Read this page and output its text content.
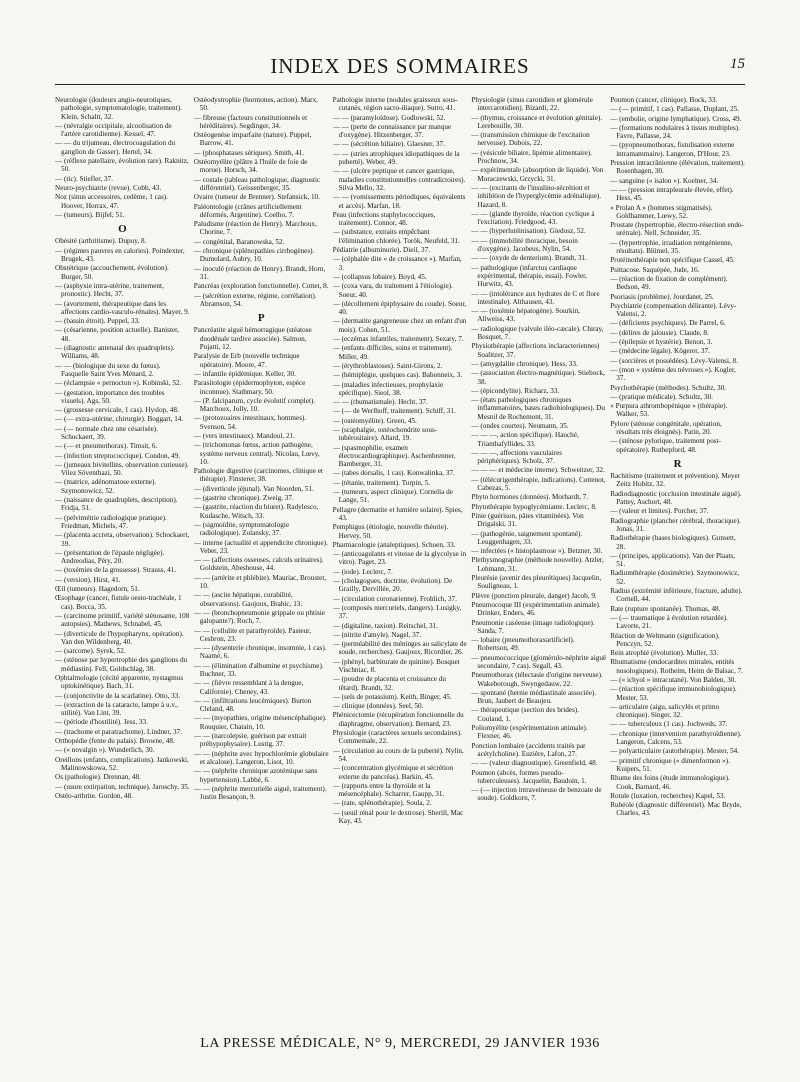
INDEX DES SOMMAIRES	15
Neurologie (douleurs angio-neurotiques, pathologie, symptomatologie, traitement). Klein, Schaltt, 32.
— (névralgie occipitale, alcoolisation de l'artère carotidienne). Kessel, 47.
— — du trijumeau, électrocoagulation du ganglion de Gasser). Hertel, 34.
— (réflexe patellaire, évolution rare). Raknitz, 50.
— (tic). Stiefler, 37.
Neuro-psychiatrie (revue). Cobb, 43.
Noz (sinus accessoires, cedème, 1 cas). Hoover, Horrax, 47.
— (tumeurs). Bijfel, 51.
O
Obésité (arthritisme). Dupuy, 8.
— (régimes pauvres en calories). Poindexter, Brugek, 43.
Obstétrique (accouchement, évolution). Burger, 50.
— (asphyxie intra-utérine, traitement, pronostic). Hecht, 37.
— (avortement, thérapeutique dans les affections cardio-vasculo-rénales). Mayer, 9.
— (bassin étroit). Puppel, 33.
— (césarienne, position actuelle). Banister, 48.
— (diagnostic antenatal des quadruplets). Williams, 48.
— — (biologique du sexe du fœtus). Fasquelle Saint Yves Ménard, 2.
— (éclampsie « pernocton »). Kobinski, 52.
— (gestation, importance des troubles visuels). Ags, 50.
— (grossesse cervicale, 1 cas). Hyslop, 48.
— (— extra-utérine, chirurgie). Boggart, 14.
— (— normale chez une césarisée). Schockaert, 39.
— (— et pneumothorax). Timsit, 6.
— (infection streptococcique). Condon, 49.
— (jumeaux bivitellins, observation curieuse). Vilez Söventhazi, 50.
— (matrice, adénomatose externe). Szymonowicz, 52.
— (naissance de quadruplets, description). Fridja, 51.
— (pelvimétrie radiologique pratique). Friedman, Michels, 47.
— (placenta accreta, observation). Schockaert, 39.
— (présentation de l'épaule négligée). Andreodias, Péry, 20.
— (toxémies de la grossesse). Strauss, 41.
— (version). Hirst, 41.
Œil (tumeurs). Hagedorn, 51.
Œsophage (cancer, fistule oesto-trachéale, 1 cas). Bocca, 35.
— (carcinome primitif, variété sténosante, 108 autopsies). Mathews, Schnabel, 45.
— (diverticule de l'hypopharynx, opération). Van den Wildenberg, 40.
— (sarcome). Syrek, 52.
— (sténose par hypertrophie des ganglions du médiastin). Fell, Goldschlag, 38.
Ophtalmologie (cécité apparente, nystagmus optokinétique). Bach, 31.
— (conjonctivite de la scarlatine). Otto, 33.
— (extraction de la cataracte, lampe à u.v., utilité). Van Lint, 39.
— (période d'hostilité). Jess, 33.
— (trachome et paratrachome). Lindner, 37.
Orthopédie (fente du palais). Browne, 48.
— (« novalgin »). Wunderlich, 30.
Oreillons (enfants, complications). Jankowski, Malinowskowa, 52.
Os (pathologie). Drennan, 48.
— (usure extirpation, technique). Jaroschy, 35.
Ostéo-arthrite. Gordon, 48.
Ostéodystrophie (hormones, action). Marx, 50.
— fibreuse (facteurs constitutionnels et héréditaires). Segdinger, 34.
Ostéogenèse imparfaite (nature). Puppel, Barrow, 41.
— (phosphatases sériques). Smith, 41.
Ostéomyélite (plâtre à l'huile de foie de morue). Horsch, 34.
— costale (tableau pathologique, diagnostic différentiel). Geissenberger, 35.
Ovaire (tumeur de Brenner). Stefansick, 10.
Paléontologie (crânes artificiellement déformés, Argentine). Coelho, 7.
Paludisme (réaction de Henry). Marchoux, Chorine, 7.
— congénital, Baranowska, 52.
— chronique (splénopathies cirrhogènes). Dumolard, Aubry, 10.
— inoculé (réaction de Henry). Brandt, Horn, 31.
Pancréas (exploration fonctionnelle). Cottet, 8.
— (sécrétion externe, régime, corrélation). Abramson, 54.
P
Pancréatite aiguë hémorragique (stéatose duodénale tardive associée). Salmon, Pujatti, 12.
Paralysie de Erb (nouvelle technique opératoire). Moore, 47.
— infantile épidémique. Keller, 30.
Parasitologie (épidermophyton, espèce inconnue). Stathmary, 50.
— (P. falciparum, cycle évolutif complet). Marchoux, Jolly, 10.
— (protozoaires intestinaux, hommes). Svenson, 54.
— (vers intestinaux). Mandoul, 21.
— (trichomonas fœtus, action pathogène, système nerveux central). Nicolau, Lœvy, 10.
Pathologie digestive (carcinomes, clinique et thérapie). Finsterer, 38.
— (diverticule jéjunal). Van Noorden, 51.
— (gastrite chronique). Zweig, 37.
— (gastrite, réaction du biuret). Radylesco, Kudasche, Witsch, 33.
— (sigmoïdite, symptomatologie radiologique). Zolansky, 37.
— interne (actualité et appendicite chronique). Veber, 23.
— — (affections osseuses, calculs urinaires). Goldstein, Abeshouse, 44.
— — (artérite et phlébite). Mauriac, Broustet, 10.
— — (ascite hépatique, curabilité, observations). Gaujoux, Brahic, 13.
— — (bronchopneumonie grippale ou phtisie galopante?). Roch, 7.
— — (cellulite et parathyroïde). Pasteur, Cesbron, 23.
— — (dysenterie chronique, insomnie, 1 cas). Naamé, 6.
— — (élimination d'albumine et psychisme). Buchner, 33.
— — (fièvre ressemblant à la dengue, Californie). Cheney, 43.
— — (infiltrations leucémiques). Burton Cleland, 48.
— — (myopathies, origine mésencéphalique). Rouquier, Chatain, 10.
— — (narcolepsie, guérison par extrait préhypophysaire). Lustig, 37.
— — (néphrite avec hypochlorémie globulaire et alcalose). Langeron, Lisot, 10.
— — (néphrite chronique azotémique sans hypertension). Labbé, 6.
— — (néphrite mercurielle aiguë, traitement). Justin Besançon, 9.
Pathologie interne (nodules graisseux sous-cutanés, région sacro-iliaque). Sutro, 41.
— — (paramyloïdose). Godlowski, 52.
— — (perte de connaissance par manque d'oxygène). Hitzenberger, 37.
— — (sécrétion biliaire). Glaesner, 37.
— — (stries atrophiques idiopathiques de la puberté). Weber, 49.
— — (ulcère peptique et cancer gastrique, maladies constitutionnelles contradictoires). Silva Mello, 32.
— — (vomissements périodiques, équivalents et accès). Marfan, 18.
Peau (infections staphylococciques, traitement). Connor, 48.
— (substance, extraits empêchant l'élimination chlorée). Torök, Neufeld, 31.
Pédiatrie (albuminurie). Dieil, 37.
— (céphalée dite « de croissance »). Marfan, 3.
— (collapsus lobaire). Boyd, 45.
— (coxa vara, du traitement à l'étiologie). Soeur, 40.
— (décollement épiphysaire du coude). Soeur, 40.
— (dermatite gangreneuse chez un enfant d'un mois). Cohen, 51.
— (eczémas infantiles, traitement). Sezary, 7.
— (enfants difficiles, soins et traitement). Miller, 49.
— (érythroblastoses). Saint-Girons, 2.
— (hémiplégie, quelques cas). Babonneix, 3.
— (maladies infectieuses, prophylaxie spécifique). Sieol, 38.
— — (rhumatismale). Hecht, 37.
— (— de Werlhoff, traitement). Schiff, 31.
— (ostéomyélite). Green, 45.
— (scaphalgie, ostéochondrite sous-tubérositaire). Allard, 19.
— (spasmophilie, examen électrocardiographique). Aschenbrenner, Bamberger, 31.
— (tabes dorsalis, 1 cas). Konwalinka, 37.
— (tétanie, traitement). Turpin, 5.
— (tumeurs, aspect clinique). Cornelia de Lange, 51.
Pellagre (dermatite et lumière solaire). Spies, 43.
Pemphigus (étiologie, nouvelle théorie). Hervey, 50.
Pharmacologie (analeptiques). Schoen, 33.
— (anticoagulants et vitesse de la glycolyse in vitro). Paget, 23.
— (iode). Leclerc, 7.
— (cholagogues, doctrine, évolution). De Grailly, Dervillée, 20.
— (circulation coronarienne). Frohlich, 37.
— (composés mercuriels, dangers). Lusigky, 37.
— (digitaline, taxion). Reitschel, 31.
— (nitrite d'amyle). Nagel, 37.
— (perméabilité des méninges au salicylate de soude, recherches). Gaujoux, Ricordier, 26.
— (phényl, barbiturate de quinine). Bosquet Vischniac, 8.
— (poudre de placenta et croissance du têtard). Brandt, 32.
— (sels de potassium). Keith, Binger, 45.
— clinique (données). Seel, 50.
Phénicectomie (récupération fonctionnelle du diaphragme, observation). Bernard, 23.
Physiologie (caractères sexuels secondaires). Commemale, 22.
— (circulation au cours de la puberté). Nylin, 54.
— (concentration glycémique et sécrétion externe du pancréas). Barkin, 45.
— (rapports entre la thyroïde et la mésencéphale). Scharrer, Gaupp, 31.
— (rate, splénothérapie). Soula, 2.
— (seuil rénal pour le dextrose). Sherill, Mac Kay, 43.
Physiologie (sinus carotidien et glomérule intercarotidien). Bizardi, 22.
— (thymus, croissance et évolution génitale). Lerebouille, 30.
— (transmission chimique de l'excitation nerveuse). Dubois, 22.
— (vésicule biliaire, lipémie alimentaire). Prochnow, 34.
— expérimentale (absorption de liquide). Von Moraczewski, Grzycki, 31.
— — (excitants de l'insulino-sécrétion et inhibition de l'hyperglycémie adrénalique). Hazard, 8.
— — (glande thyroïde, réaction cyclique à l'excitation). Friedgood, 43.
— — (hyperlutéinisation). Giedosz, 52.
— — (immobilité thoracique, besoin d'oxygène). Jacobeus, Nylin, 54.
— — (oxyde de denterium). Brandt, 31.
— pathologique (infarctus cardiaque expérimental, thérapie, essai). Fowler, Hurwitz, 43.
— — (intolérance aux hydrates de C et flore intestinale). Althausen, 43.
— — (toxémie hépatogène). Sourkin, Allweiss, 43.
— radiologique (valvule iléo-cæcale). Chiray, Bosquet, 7.
Physiothérapie (affections inclaracteriennes) Soalitzer, 37.
— (amygdalite chronique). Hess, 33.
— (association électro-magnétique). Stiebock, 38.
— (épicondylite). Richarz, 33.
— (états pathologiques chroniques inflammatoires, bases radiobiologiques). Du Mesnil de Rochemont, 31.
— (ondes courtes). Neumann, 35.
— — —, action spécifique). Hauché, Trianthafyllides, 33.
— — —, affections vasculaires périphériques). Scholz, 37.
— — — et médecine interne). Schweitzer, 32.
— (télécurigenthérapie, indications). Cottenot, Cabezas, 5.
Phyto hormones (données). Morhardt, 7.
Phytothérapie hypoglycémiante. Leclerc, 8.
Pinie (guérison, pâtes vitaminées). Von Drigalski, 31.
— (pathogénie, saignement spontané). Leuggenhagen, 33.
— infectées (« histoplasmose »). Betzner, 30.
Plethysmographie (méthode nouvelle). Atzler, Lehmann, 31.
Pleurésie (avenir des pleurétiques) Jacquelin, Souligneau, 1.
Plèvre (ponction pleurale, danger) Jacob, 9.
Pneumocoque III (expérimentation animale). Drinker, Enders, 46.
Pneumonie caséeuse (image radiologique). Sanda, 7.
— lobaire (pneumothoraxartificiel). Robertson, 49.
— pneumococcique (glomérulo-néphrite aiguë secondaire, 7 cas). Segall, 43.
Pneumothorax (télectasie d'origine nerveuse). Wakeborough, Swyngedauw, 22.
— spontané (hernie médiastinale associée). Brun, Jaubert de Beaujeu.
— thérapeutique (section des brides). Coulaud, 1.
Poliomyélite (expérimentation animale). Flexner, 46.
Ponction lombaire (accidents traités par acétylcholine). Euzière, Lafon, 27.
— — (valeur diagnostique). Greenfield, 48.
Poumon (abcès, formes pseudo-tuberculeuses). Jacquelin, Baudoin, 1.
— (— injection intraveineuse de benzoate de soude). Goldkorn, 7.
Poumon (cancer, clinique). Bock, 33.
— (— primitif, 1 cas). Pallasse, Duplant, 25.
— (embolie, origine lymphatique). Cross, 49.
— (formations nodulaires à tissus multiples). Favre, Pallasse, 24.
— (pyopneumothorax, fistulisation externe intramammaire). Langeron, D'Hour, 23.
Pression intracrânienne (élévation, traitement). Rosenhagen, 30.
— sanguine (« isalon »). Koelner, 34.
— — (pression intrapleurale élevée, effet). Hess, 45.
« Prolan A » (hommes stigmatisés). Goldhammer, Lœwy, 52.
Prostate (hypertrophie, électro-résection endo-urétrale). Nell, Schneider, 35.
— (hypertrophie, irradiation rentgénienne, résultats). Blümel, 35.
Protéinothérapie non spécifique Cassel, 45.
Psittacose. Saquépée, Jude, 16.
— (réaction de fixation de complément). Bedson, 49.
Psoriasis (problème). Jourdanet, 25.
Psychiatrie (compensation délirante). Lévy-Valensi, 2.
— (déficients psychiques). De Parrel, 6.
— (délires de jalousie). Claude, 8.
— (épilepsie et hystérie). Benon, 3.
— (médecine légale). Kögerer, 37.
— (sorcières et possédées). Lévy-Valensi, 8.
— (mon « système des névroses »). Kogler, 37.
Psychothérapie (méthodes). Schultz, 30.
— (pratique médicale). Schultz, 30.
« Purpura athrombopénique » (thérapie). Walker, 53.
Pylore (sténose congénitale, opération, résultats très éloignés). Patin, 20.
— (sténose pylorique, traitement post-opératoire). Ruthepford, 48.
R
Rachitisme (traitement et prévention). Meyer Zeitz Hobitz, 32.
Radiodiagnostic (occlusion intestinale aiguë). Pattey, Aschort, 48.
— (valeur et limites). Porcher, 37.
Radiographie (plancher cérébral, thoracique). Jonas, 31.
Radiothérapie (bases biologiques). Gunsett, 28.
— (principes, applications). Van der Plaats, 51.
Radiumthérapie (dosimétrie). Szymonowicz, 52.
Radius (extrémité inférieure, fracture, adulte). Cornell, 44.
Rate (rupture spontanée). Thomas, 48.
— (— traumatique à évolution retardée). Lavorte, 21.
Réaction de Weltmann (signification). Penczyn, 52.
Rein atrophié (évolution). Muller, 33.
Rhumatisme (endocardites mitrales, entités nosologiques). Rotheim, Heim de Balsac, 7.
— (« ichyol » intracutané). Von Balden, 30.
— (réaction spécifique immunobiologique). Mester, 53.
— articulaire (aigu, salicylés et primo chronique). Singer, 32.
— — tuberculeux (1 cas). Jochweds, 37.
— chronique (intervention parathyroïdienne). Langeron, Calcens, 53.
— polyarticulaire (autothérapie). Mester, 54.
— primitif chronique (« dimenformon »). Kuipers, 51.
Rhume des foins (étude immunologique). Cook, Barnard, 46.
Rotule (luxation, recherches) Kapel, 53.
Rubéole (diagnostic différentiel). Mac Bryde, Charles, 43.
LA PRESSE MÉDICALE, N° 9, MERCREDI, 29 JANVIER 1936
